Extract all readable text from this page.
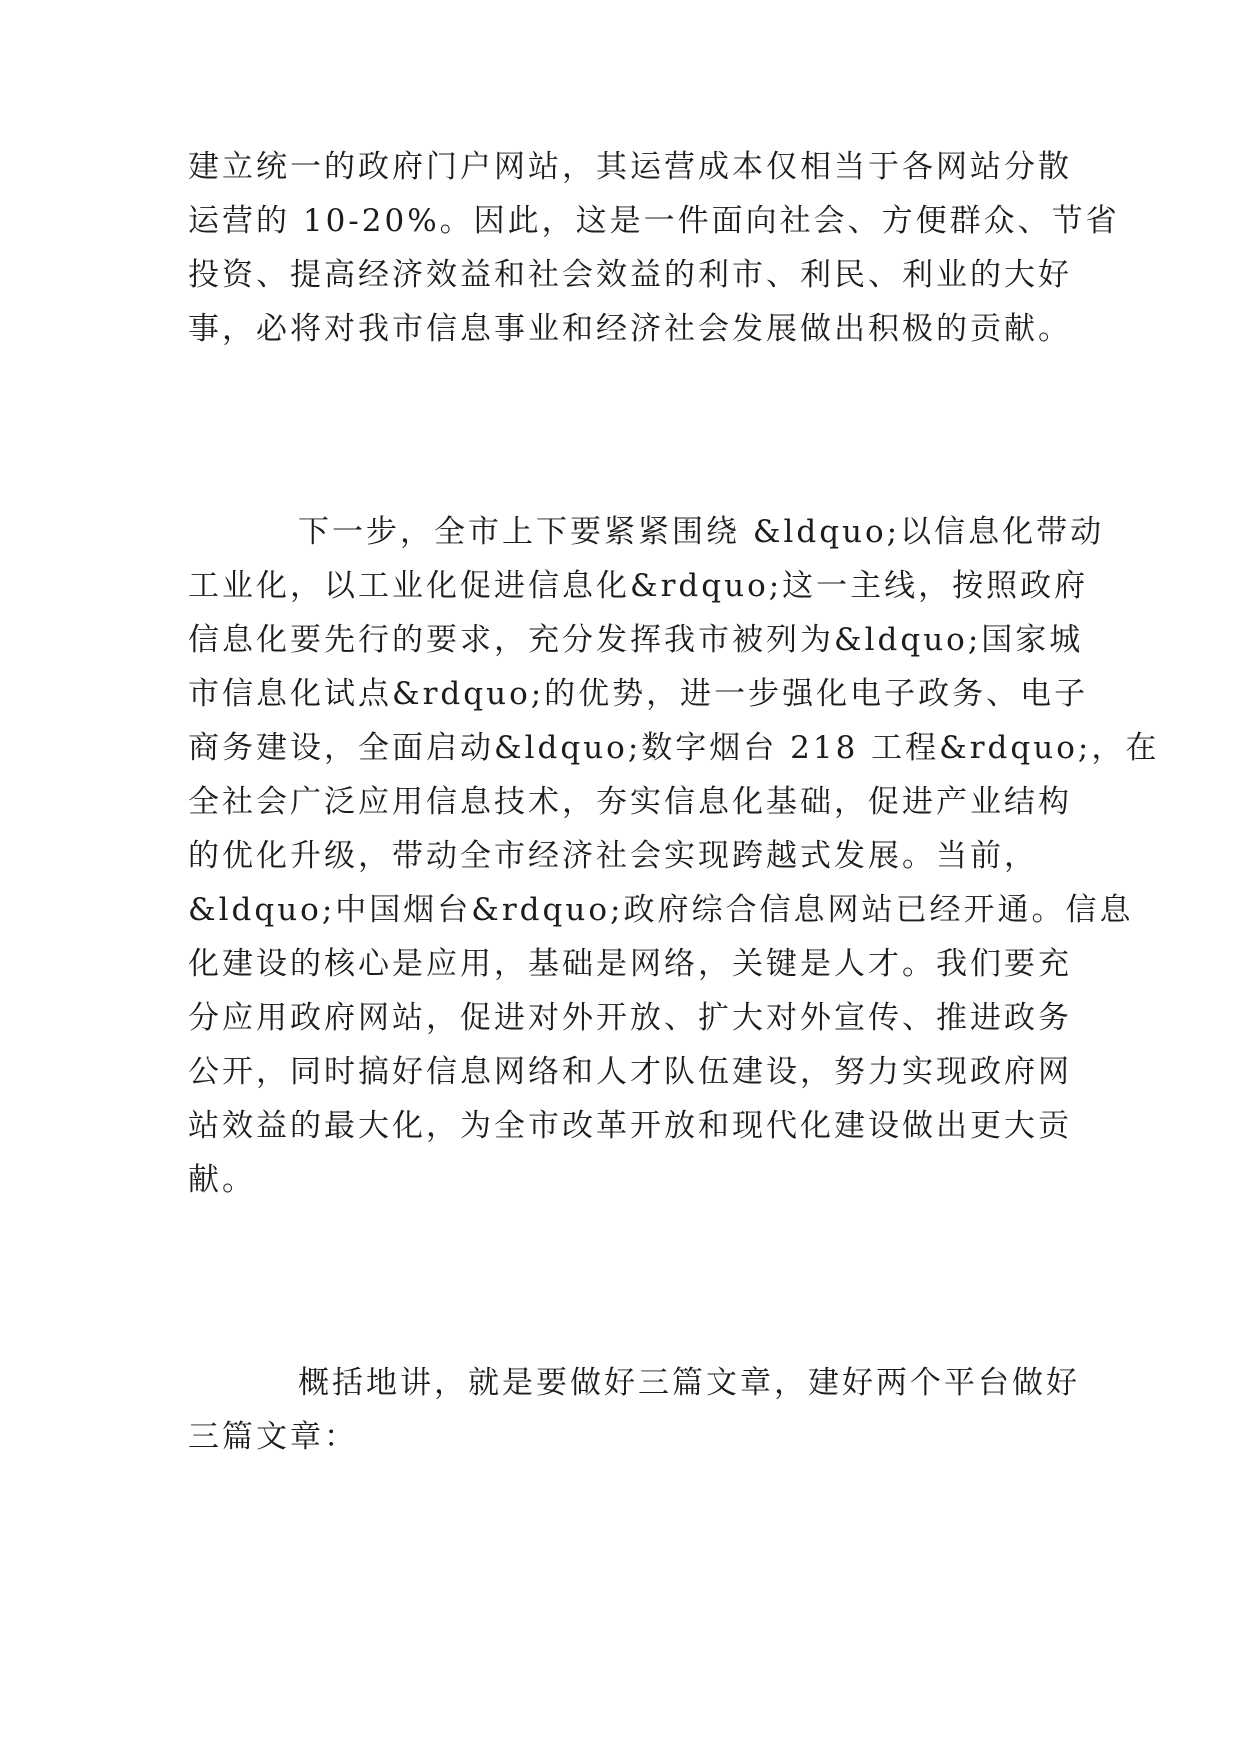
建立统一的政府门户网站，其运营成本仅相当于各网站分散
运营的 10-20%。因此，这是一件面向社会、方便群众、节省
投资、提高经济效益和社会效益的利市、利民、利业的大好
事，必将对我市信息事业和经济社会发展做出积极的贡献。
下一步，全市上下要紧紧围绕 &ldquo;以信息化带动
工业化，以工业化促进信息化&rdquo;这一主线，按照政府
信息化要先行的要求，充分发挥我市被列为&ldquo;国家城
市信息化试点&rdquo;的优势，进一步强化电子政务、电子
商务建设，全面启动&ldquo;数字烟台 218 工程&rdquo;，在
全社会广泛应用信息技术，夯实信息化基础，促进产业结构
的优化升级，带动全市经济社会实现跨越式发展。当前，
&ldquo;中国烟台&rdquo;政府综合信息网站已经开通。信息
化建设的核心是应用，基础是网络，关键是人才。我们要充
分应用政府网站，促进对外开放、扩大对外宣传、推进政务
公开，同时搞好信息网络和人才队伍建设，努力实现政府网
站效益的最大化，为全市改革开放和现代化建设做出更大贡
献。
概括地讲，就是要做好三篇文章，建好两个平台做好
三篇文章：
